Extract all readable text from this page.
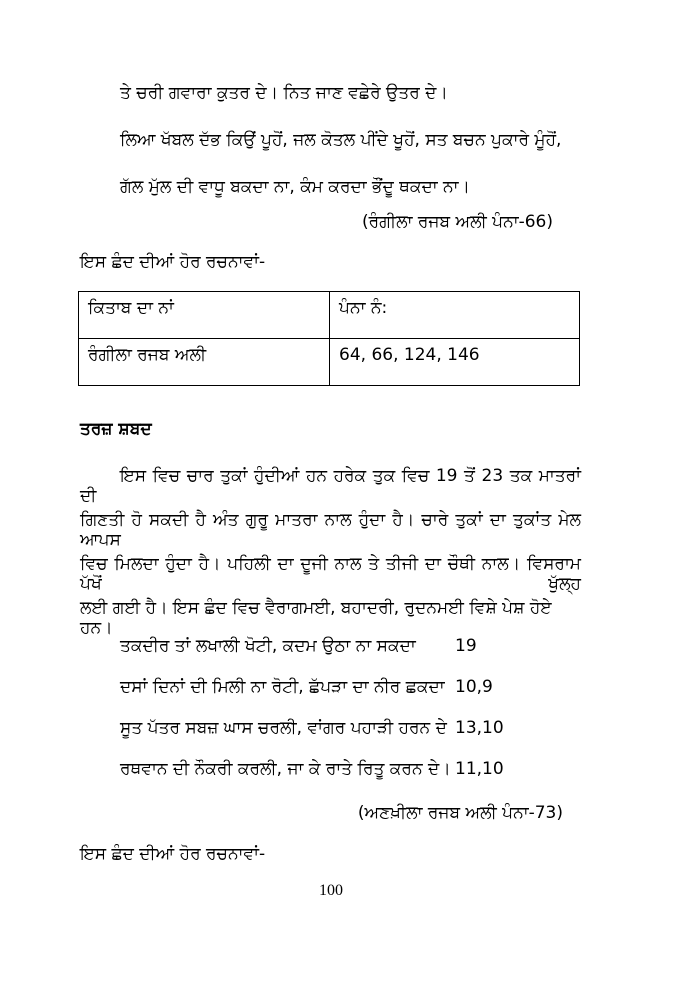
ਤੇ ਚਰੀ ਗਵਾਰਾ ਕੁਤਰ ਦੇ। ਨਿਤ ਜਾਣ ਵਛੇਰੇ ਉਤਰ ਦੇ।
ਲਿਆ ਖੱਬਲ ਦੱਭ ਕਿਉਂ ਪੂਹੋਂ, ਜਲ ਕੋਤਲ ਪੀਂਦੇ ਖੂਹੋਂ, ਸਤ ਬਚਨ ਪੁਕਾਰੇ ਮੂੰਹੋਂ,
ਗੱਲ ਮੁੱਲ ਦੀ ਵਾਧੂ ਬਕਦਾ ਨਾ, ਕੰਮ ਕਰਦਾ ਭੌਂਦੂ ਥਕਦਾ ਨਾ।
(ਰੰਗੀਲਾ ਰਜਬ ਅਲੀ ਪੰਨਾ-66)
ਇਸ ਛੰਦ ਦੀਆਂ ਹੋਰ ਰਚਨਾਵਾਂ-
ਕਿਤਾਬ ਦਾ ਨਾਂ	ਪੰਨਾ ਨੰ:
ਰੰਗੀਲਾ ਰਜਬ ਅਲੀ	64, 66, 124, 146
ਤਰਜ਼ ਸ਼ਬਦ
ਇਸ ਵਿਚ ਚਾਰ ਤੁਕਾਂ ਹੁੰਦੀਆਂ ਹਨ ਹਰੇਕ ਤੁਕ ਵਿਚ 19 ਤੋਂ 23 ਤਕ ਮਾਤਰਾਂ ਦੀ
ਗਿਣਤੀ ਹੋ ਸਕਦੀ ਹੈ ਅੰਤ ਗੁਰੂ ਮਾਤਰਾ ਨਾਲ ਹੁੰਦਾ ਹੈ। ਚਾਰੇ ਤੁਕਾਂ ਦਾ ਤੁਕਾਂਤ ਮੇਲ ਆਪਸ
ਵਿਚ ਮਿਲਦਾ ਹੁੰਦਾ ਹੈ। ਪਹਿਲੀ ਦਾ ਦੂਜੀ ਨਾਲ ਤੇ ਤੀਜੀ ਦਾ ਚੌਥੀ ਨਾਲ। ਵਿਸਰਾਮ ਪੱਖੋਂ ਖੁੱਲ੍ਹ
ਲਈ ਗਈ ਹੈ। ਇਸ ਛੰਦ ਵਿਚ ਵੈਰਾਗਮਈ, ਬਹਾਦਰੀ, ਰੁਦਨਮਈ ਵਿਸ਼ੇ ਪੇਸ਼ ਹੋਏ ਹਨ।
ਤਕਦੀਰ ਤਾਂ ਲਖਾਲੀ ਖੋਟੀ, ਕਦਮ ਉਠਾ ਨਾ ਸਕਦਾ 19
ਦਸਾਂ ਦਿਨਾਂ ਦੀ ਮਿਲੀ ਨਾ ਰੋਟੀ, ਛੱਪੜਾ ਦਾ ਨੀਰ ਛਕਦਾ 10,9
ਸੂਤ ਪੱਤਰ ਸਬਜ਼ ਘਾਸ ਚਰਲੀ, ਵਾਂਗਰ ਪਹਾੜੀ ਹਰਨ ਦੇ 13,10
ਰਥਵਾਨ ਦੀ ਨੌਕਰੀ ਕਰਲੀ, ਜਾ ਕੇ ਰਾਤੇ ਰਿਤੂ ਕਰਨ ਦੇ। 11,10
(ਅਣਖ਼ੀਲਾ ਰਜਬ ਅਲੀ ਪੰਨਾ-73)
ਇਸ ਛੰਦ ਦੀਆਂ ਹੋਰ ਰਚਨਾਵਾਂ-
100
